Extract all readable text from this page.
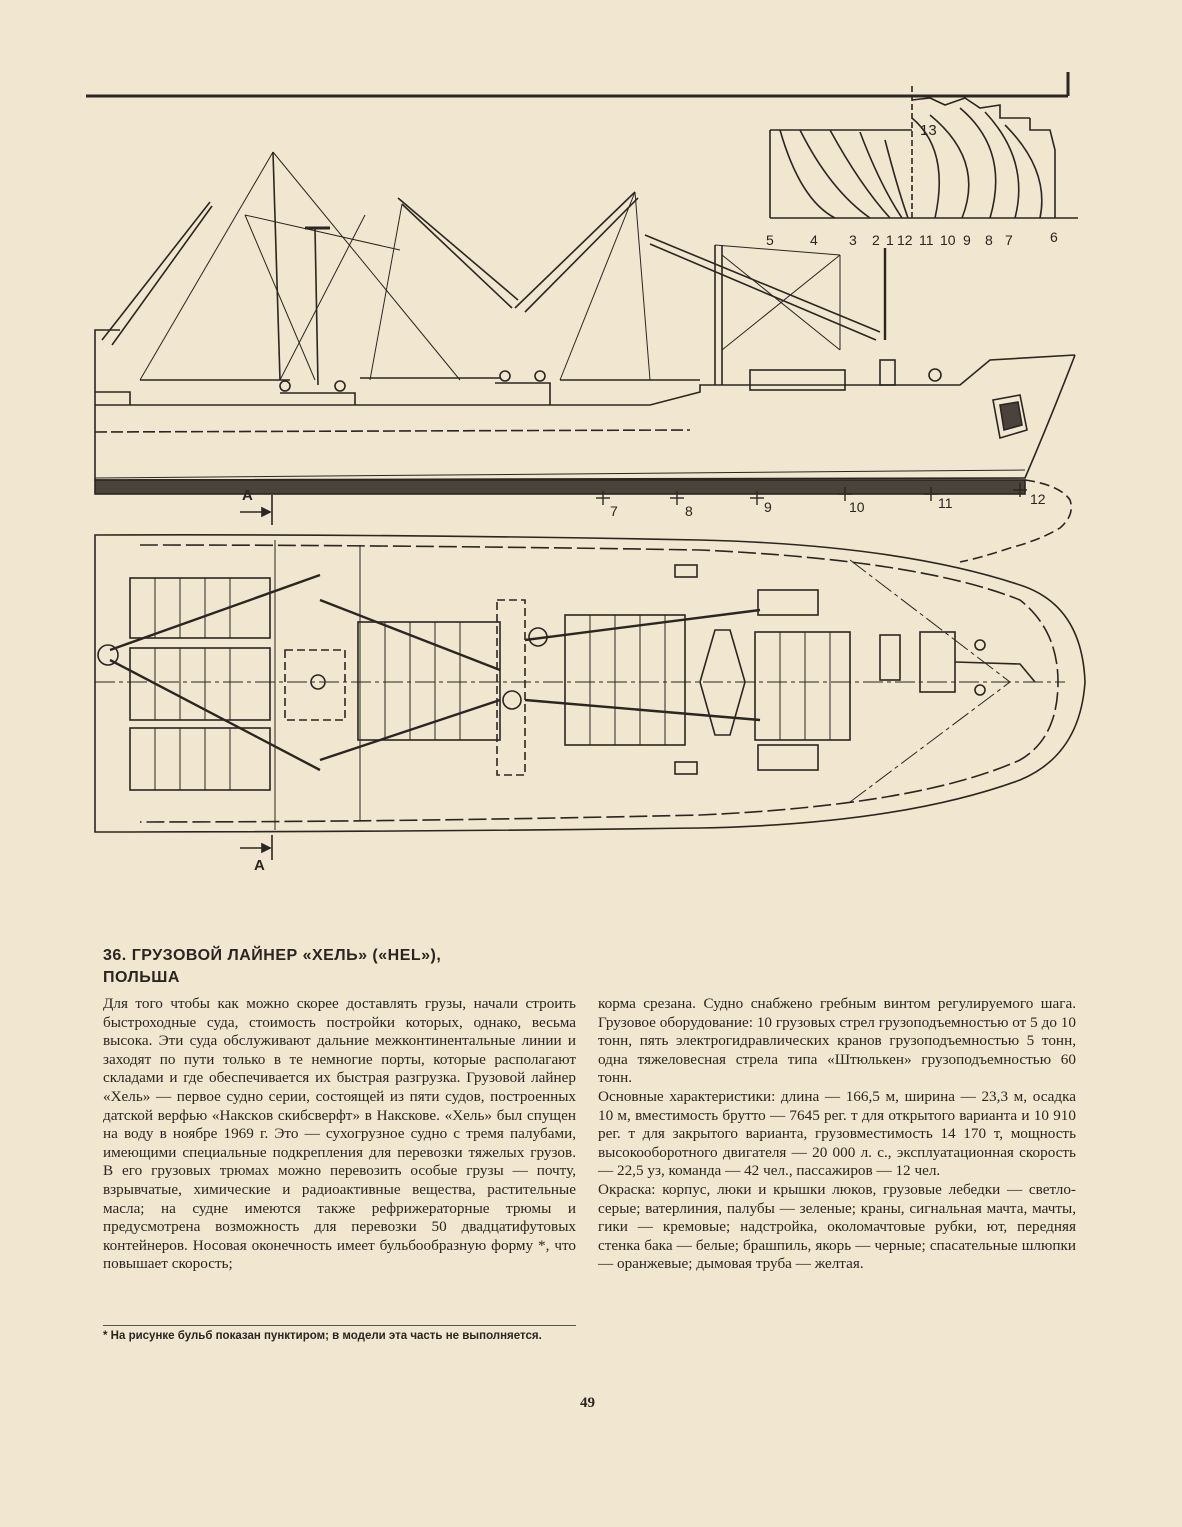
13
5	4 3 2 1 12 11 10 9 8 7	6
7	8	9	10	11	12
A
A
36. ГРУЗОВОЙ ЛАЙНЕР «ХЕЛЬ» («HEL»),
ПОЛЬША

Для того чтобы как можно скорее доставлять грузы, начали строить быстроходные суда, стоимость постройки которых, однако, весьма высока. Эти суда обслуживают дальние межконтинентальные линии и заходят по пути только в те немногие порты, которые располагают складами и где обеспечивается их быстрая разгрузка. Грузовой лайнер «Хель» — первое судно серии, состоящей из пяти судов, построенных датской верфью «Накскoв скибсверфт» в Накскове. «Хель» был спущен на воду в ноябре 1969 г. Это — сухогрузное судно с тремя палубами, имеющими специальные подкрепления для перевозки тяжелых грузов. В его грузовых трюмах можно перевозить особые грузы — почту, взрывчатые, химические и радиоактивные вещества, растительные масла; на судне имеются также рефрижераторные трюмы и предусмотрена возможность для перевозки 50 двадцатифутовых контейнеров. Носовая оконечность имеет бульбообразную форму *, что повышает скорость;

корма срезана. Судно снабжено гребным винтом регулируемого шага. Грузовое оборудование: 10 грузовых стрел грузоподъемностью от 5 до 10 тонн, пять электрогидравлических кранов грузоподъемностью 5 тонн, одна тяжеловесная стрела типа «Штюлькен» грузоподъемностью 60 тонн.

Основные характеристики: длина — 166,5 м, ширина — 23,3 м, осадка 10 м, вместимость брутто — 7645 рег. т для открытого варианта и 10 910 рег. т для закрытого варианта, грузовместимость 14 170 т, мощность высокооборотного двигателя — 20 000 л. с., эксплуатационная скорость — 22,5 уз, команда — 42 чел., пассажиров — 12 чел.

Окраска: корпус, люки и крышки люков, грузовые лебедки — светло-серые; ватерлиния, палубы — зеленые; краны, сигнальная мачта, мачты, гики — кремовые; надстройка, околомачтовые рубки, ют, передняя стенка бака — белые; брашпиль, якорь — черные; спасательные шлюпки — оранжевые; дымовая труба — желтая.

* На рисунке бульб показан пунктиром; в модели эта часть не выполняется.
49
